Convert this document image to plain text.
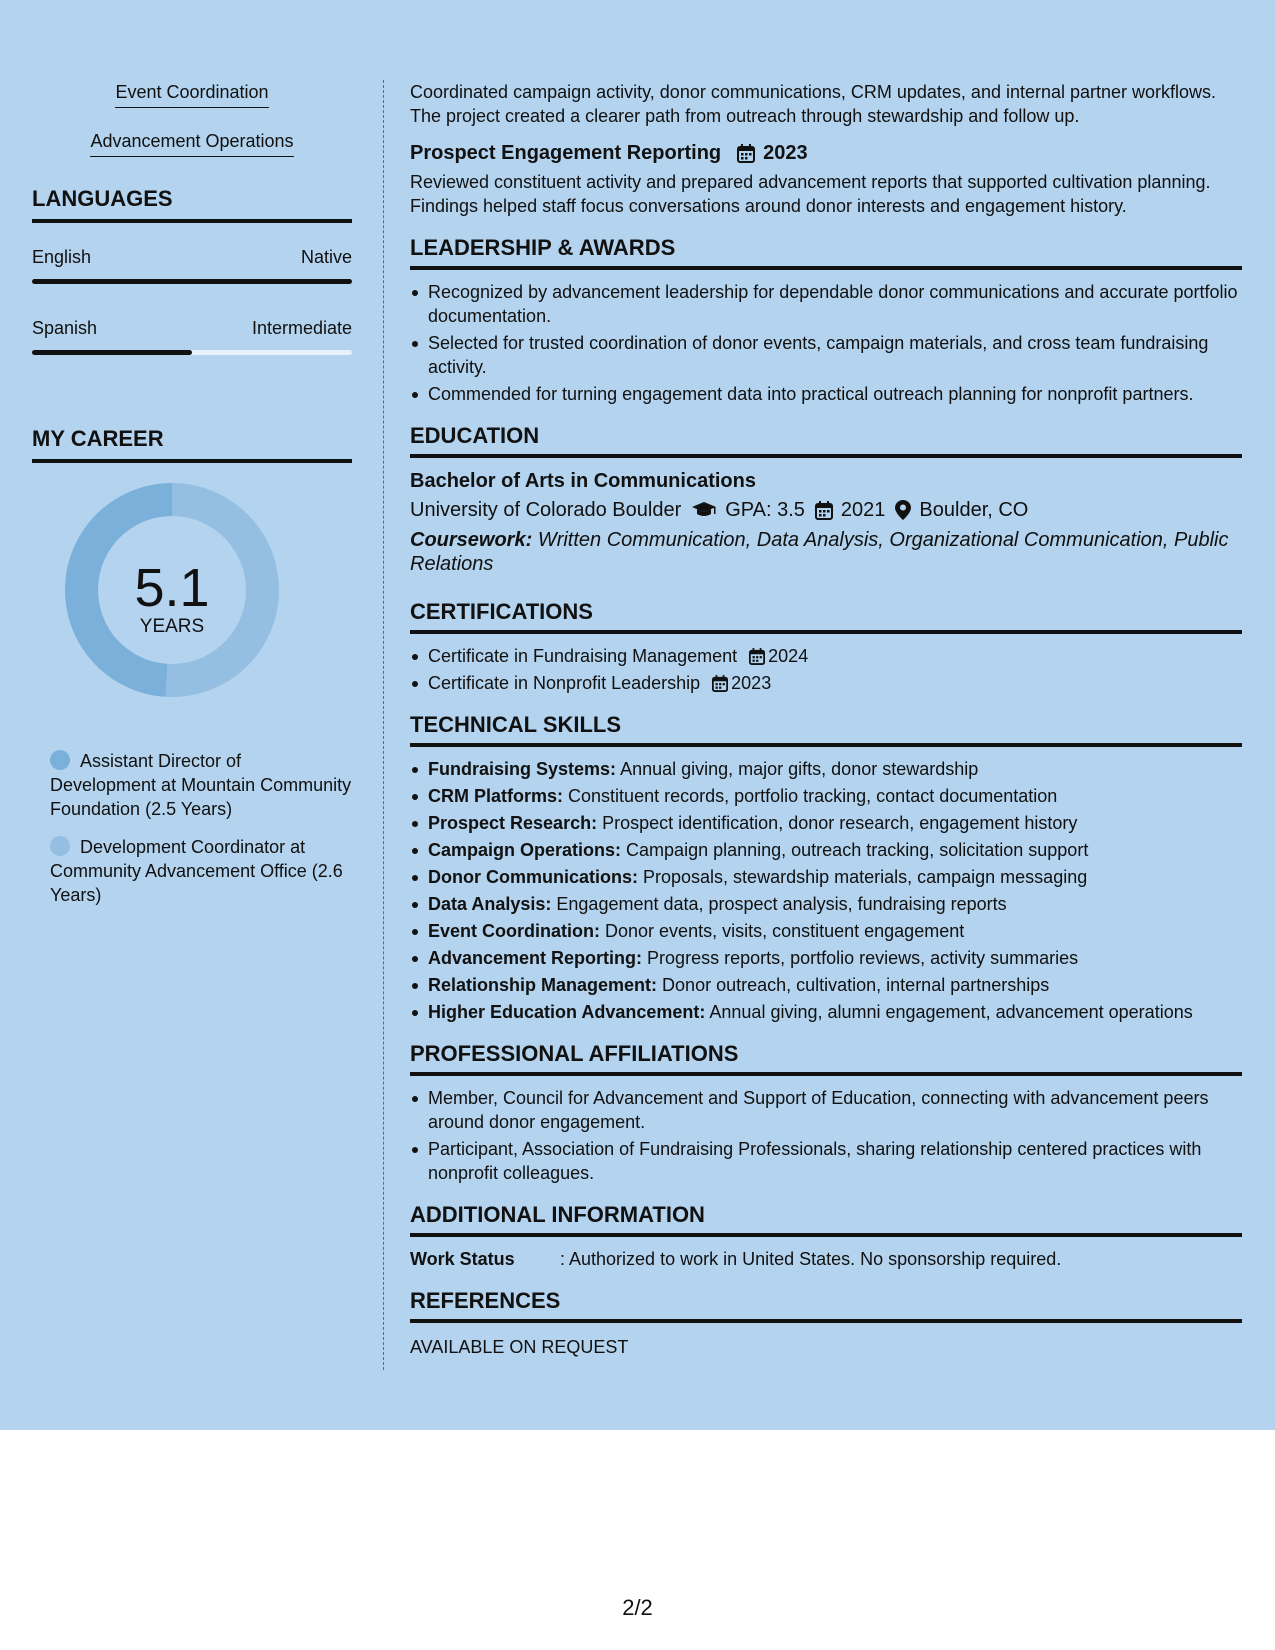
Event Coordination
Advancement Operations
LANGUAGES
English	Native
Spanish	Intermediate
MY CAREER
5.1
YEARS
Assistant Director of Development at Mountain Community Foundation (2.5 Years)
Development Coordinator at Community Advancement Office (2.6 Years)
Coordinated campaign activity, donor communications, CRM updates, and internal partner workflows. The project created a clearer path from outreach through stewardship and follow up.
Prospect Engagement Reporting 2023
Reviewed constituent activity and prepared advancement reports that supported cultivation planning. Findings helped staff focus conversations around donor interests and engagement history.
LEADERSHIP & AWARDS
Recognized by advancement leadership for dependable donor communications and accurate portfolio documentation.
Selected for trusted coordination of donor events, campaign materials, and cross team fundraising activity.
Commended for turning engagement data into practical outreach planning for nonprofit partners.
EDUCATION
Bachelor of Arts in Communications
University of Colorado Boulder GPA: 3.5 2021 Boulder, CO
Coursework: Written Communication, Data Analysis, Organizational Communication, Public Relations
CERTIFICATIONS
Certificate in Fundraising Management 2024
Certificate in Nonprofit Leadership 2023
TECHNICAL SKILLS
Fundraising Systems: Annual giving, major gifts, donor stewardship
CRM Platforms: Constituent records, portfolio tracking, contact documentation
Prospect Research: Prospect identification, donor research, engagement history
Campaign Operations: Campaign planning, outreach tracking, solicitation support
Donor Communications: Proposals, stewardship materials, campaign messaging
Data Analysis: Engagement data, prospect analysis, fundraising reports
Event Coordination: Donor events, visits, constituent engagement
Advancement Reporting: Progress reports, portfolio reviews, activity summaries
Relationship Management: Donor outreach, cultivation, internal partnerships
Higher Education Advancement: Annual giving, alumni engagement, advancement operations
PROFESSIONAL AFFILIATIONS
Member, Council for Advancement and Support of Education, connecting with advancement peers around donor engagement.
Participant, Association of Fundraising Professionals, sharing relationship centered practices with nonprofit colleagues.
ADDITIONAL INFORMATION
Work Status	: Authorized to work in United States. No sponsorship required.
REFERENCES
AVAILABLE ON REQUEST
2/2
